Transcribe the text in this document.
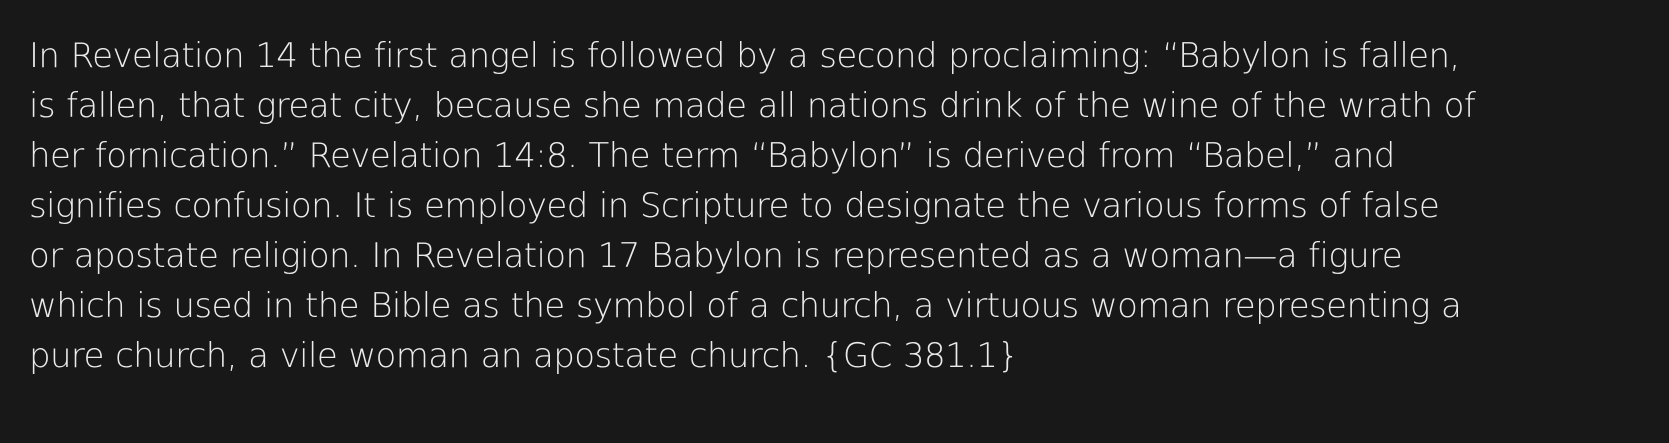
In Revelation 14 the first angel is followed by a second proclaiming: “Babylon is fallen,
is fallen, that great city, because she made all nations drink of the wine of the wrath of
her fornication.” Revelation 14:8. The term “Babylon” is derived from “Babel,” and
signifies confusion. It is employed in Scripture to designate the various forms of false
or apostate religion. In Revelation 17 Babylon is represented as a woman—a figure
which is used in the Bible as the symbol of a church, a virtuous woman representing a
pure church, a vile woman an apostate church. {GC 381.1}
